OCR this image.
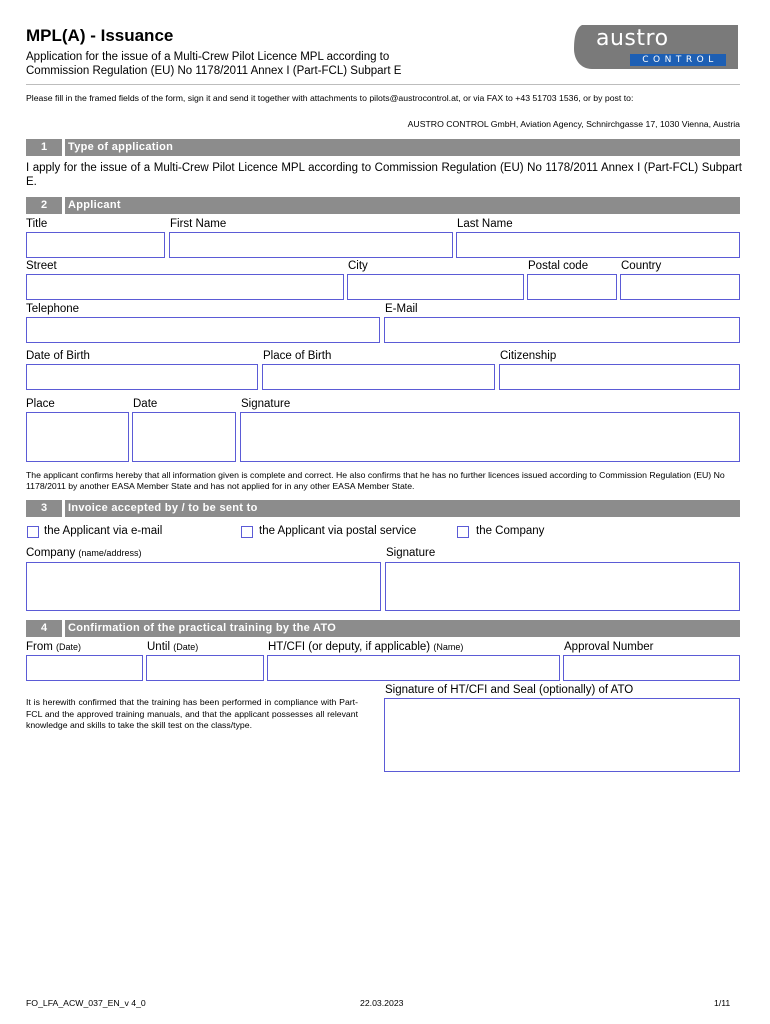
MPL(A) - Issuance
Application for the issue of a Multi-Crew Pilot Licence MPL according to
Commission Regulation (EU) No 1178/2011 Annex I (Part-FCL) Subpart E
austro
CONTROL
Please fill in the framed fields of the form, sign it and send it together with attachments to pilots@austrocontrol.at, or via FAX to +43 51703 1536, or by post to:
AUSTRO CONTROL GmbH, Aviation Agency, Schnirchgasse 17, 1030 Vienna, Austria
1	Type of application
I apply for the issue of a Multi-Crew Pilot Licence MPL according to Commission Regulation (EU) No 1178/2011 Annex I (Part-FCL) Subpart E.
2	Applicant
Title	First Name	Last Name
Street	City	Postal code	Country
Telephone	E-Mail
Date of Birth	Place of Birth	Citizenship
Place	Date	Signature
The applicant confirms hereby that all information given is complete and correct. He also confirms that he has no further licences issued according to Commission Regulation (EU) No 1178/2011 by another EASA Member State and has not applied for in any other EASA Member State.
3	Invoice accepted by / to be sent to
the Applicant via e-mail	the Applicant via postal service	the Company
Company (name/address)	Signature
4	Confirmation of the practical training by the ATO
From (Date)	Until (Date)	HT/CFI (or deputy, if applicable) (Name)	Approval Number
Signature of HT/CFI and Seal (optionally) of ATO
It is herewith confirmed that the training has been performed in compliance with Part-FCL and the approved training manuals, and that the applicant possesses all relevant knowledge and skills to take the skill test on the class/type.
FO_LFA_ACW_037_EN_v 4_0	22.03.2023	1/11
